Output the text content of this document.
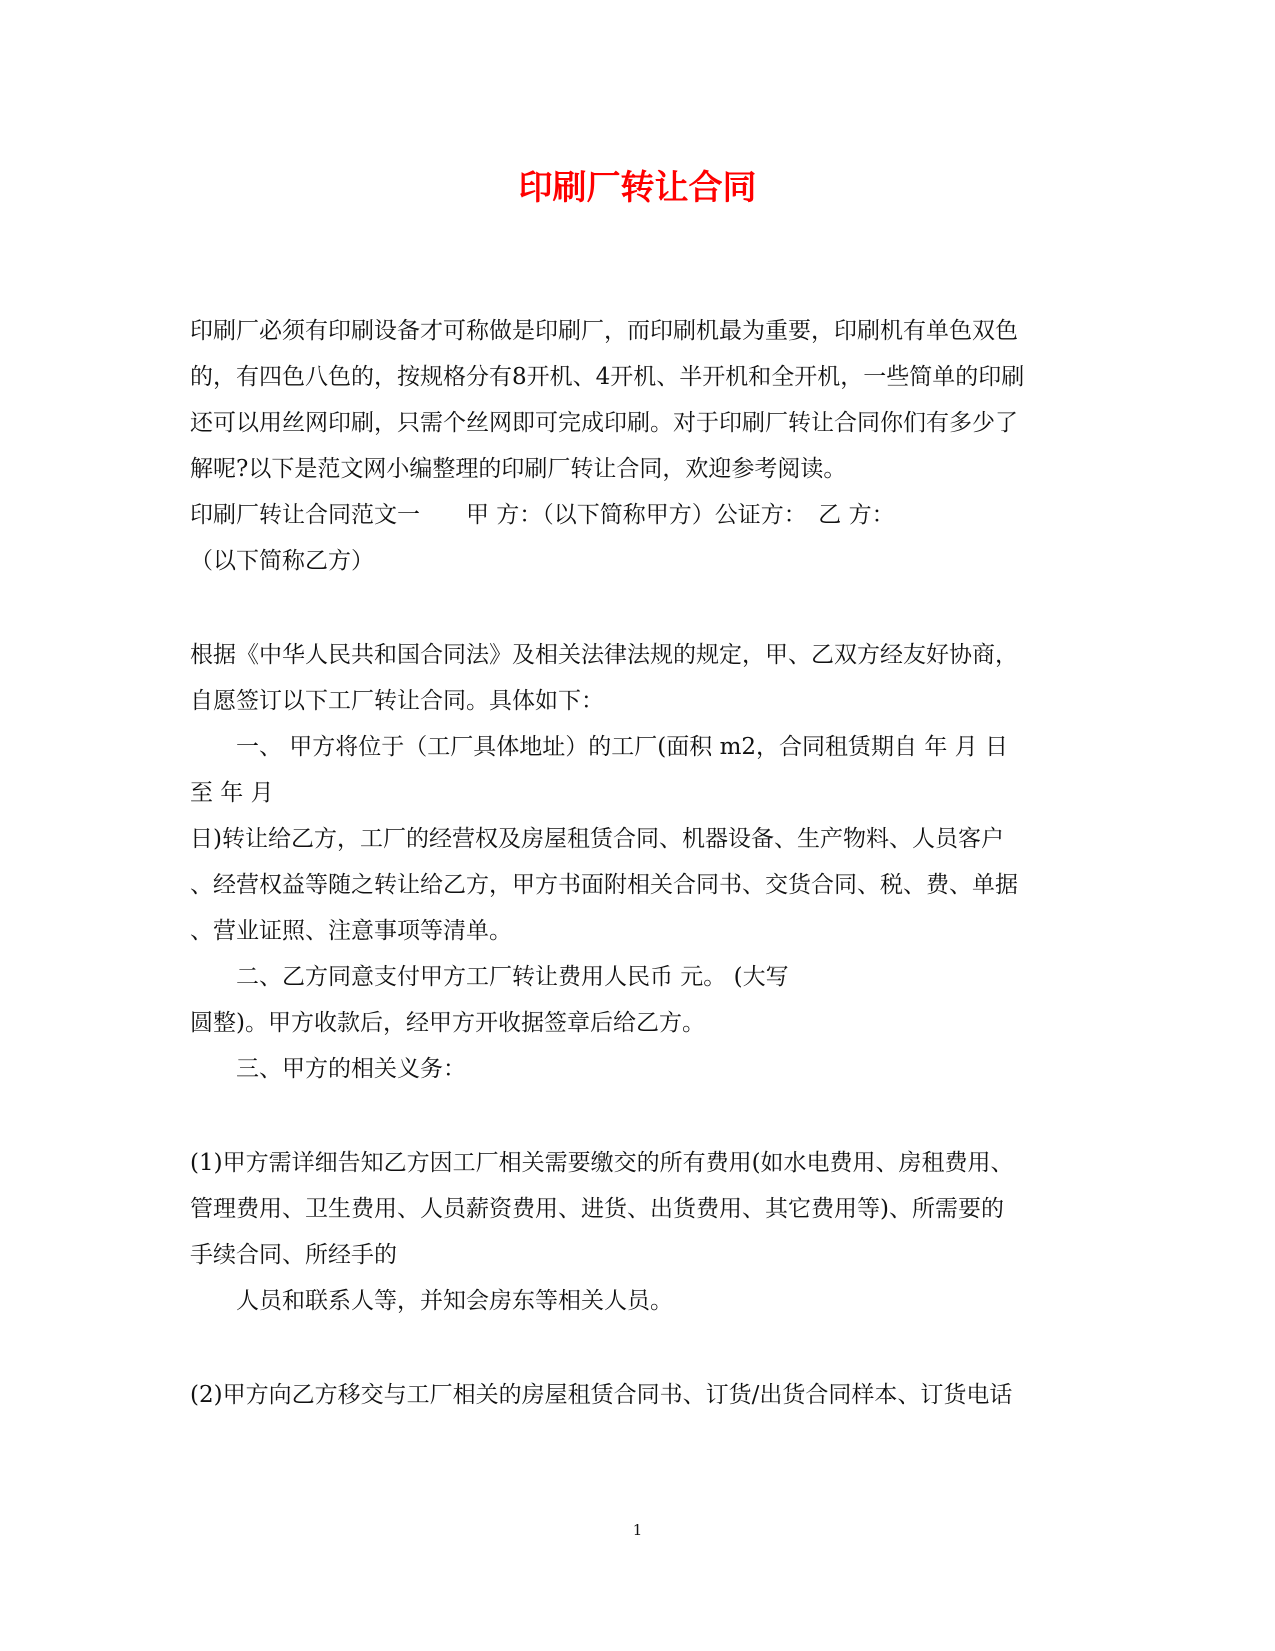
印刷厂转让合同
印刷厂必须有印刷设备才可称做是印刷厂，而印刷机最为重要，印刷机有单色双色
的，有四色八色的，按规格分有8开机、4开机、半开机和全开机，一些简单的印刷
还可以用丝网印刷，只需个丝网即可完成印刷。对于印刷厂转让合同你们有多少了
解呢?以下是范文网小编整理的印刷厂转让合同，欢迎参考阅读。
印刷厂转让合同范文一　　甲 方：（以下简称甲方）公证方：　乙 方：
（以下简称乙方）
根据《中华人民共和国合同法》及相关法律法规的规定，甲、乙双方经友好协商，
自愿签订以下工厂转让合同。具体如下：
　　一、 甲方将位于（工厂具体地址）的工厂(面积 m2，合同租赁期自 年 月 日
至 年 月
日)转让给乙方，工厂的经营权及房屋租赁合同、机器设备、生产物料、人员客户
、经营权益等随之转让给乙方，甲方书面附相关合同书、交货合同、税、费、单据
、营业证照、注意事项等清单。
　　二、乙方同意支付甲方工厂转让费用人民币 元。 (大写
圆整)。甲方收款后，经甲方开收据签章后给乙方。
　　三、甲方的相关义务：
(1)甲方需详细告知乙方因工厂相关需要缴交的所有费用(如水电费用、房租费用、
管理费用、卫生费用、人员薪资费用、进货、出货费用、其它费用等)、所需要的
手续合同、所经手的
　　人员和联系人等，并知会房东等相关人员。
(2)甲方向乙方移交与工厂相关的房屋租赁合同书、订货/出货合同样本、订货电话
1
